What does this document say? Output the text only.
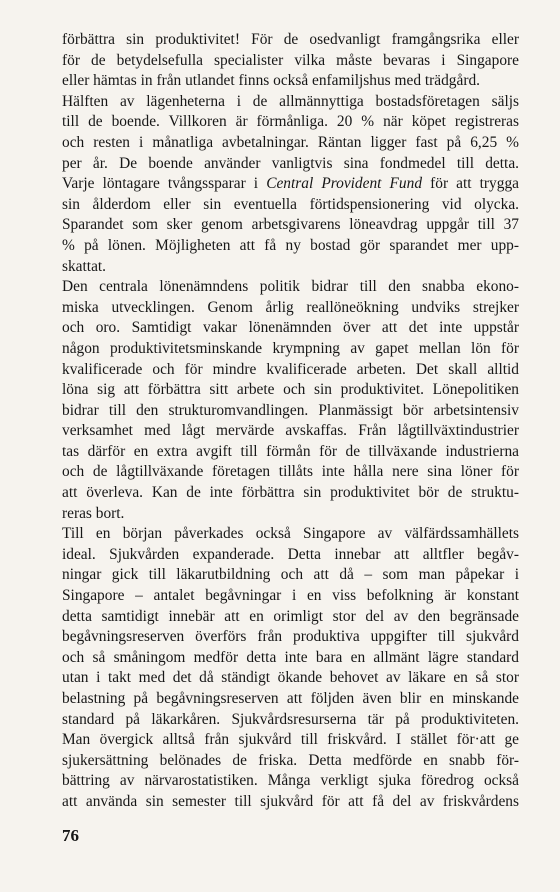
förbättra sin produktivitet! För de osedvanligt framgångsrika eller
för de betydelsefulla specialister vilka måste bevaras i Singapore
eller hämtas in från utlandet finns också enfamiljshus med trädgård.
Hälften av lägenheterna i de allmännyttiga bostadsföretagen säljs
till de boende. Villkoren är förmånliga. 20 % när köpet registreras
och resten i månatliga avbetalningar. Räntan ligger fast på 6,25 %
per år. De boende använder vanligtvis sina fondmedel till detta.
Varje löntagare tvångssparar i Central Provident Fund för att trygga
sin ålderdom eller sin eventuella förtidspensionering vid olycka.
Sparandet som sker genom arbetsgivarens löneavdrag uppgår till 37
% på lönen. Möjligheten att få ny bostad gör sparandet mer upp-
skattat.
Den centrala lönenämndens politik bidrar till den snabba ekono-
miska utvecklingen. Genom årlig reallöneökning undviks strejker
och oro. Samtidigt vakar lönenämnden över att det inte uppstår
någon produktivitetsminskande krympning av gapet mellan lön för
kvalificerade och för mindre kvalificerade arbeten. Det skall alltid
löna sig att förbättra sitt arbete och sin produktivitet. Lönepolitiken
bidrar till den strukturomvandlingen. Planmässigt bör arbetsintensiv
verksamhet med lågt mervärde avskaffas. Från lågtillväxtindustrier
tas därför en extra avgift till förmån för de tillväxande industrierna
och de lågtillväxande företagen tillåts inte hålla nere sina löner för
att överleva. Kan de inte förbättra sin produktivitet bör de struktu-
reras bort.
Till en början påverkades också Singapore av välfärdssamhällets
ideal. Sjukvården expanderade. Detta innebar att alltfler begåv-
ningar gick till läkarutbildning och att då – som man påpekar i
Singapore – antalet begåvningar i en viss befolkning är konstant
detta samtidigt innebär att en orimligt stor del av den begränsade
begåvningsreserven överförs från produktiva uppgifter till sjukvård
och så småningom medför detta inte bara en allmänt lägre standard
utan i takt med det då ständigt ökande behovet av läkare en så stor
belastning på begåvningsreserven att följden även blir en minskande
standard på läkarkåren. Sjukvårdsresurserna tär på produktiviteten.
Man övergick alltså från sjukvård till friskvård. I stället för·att ge
sjukersättning belönades de friska. Detta medförde en snabb för-
bättring av närvarostatistiken. Många verkligt sjuka föredrog också
att använda sin semester till sjukvård för att få del av friskvårdens
76
